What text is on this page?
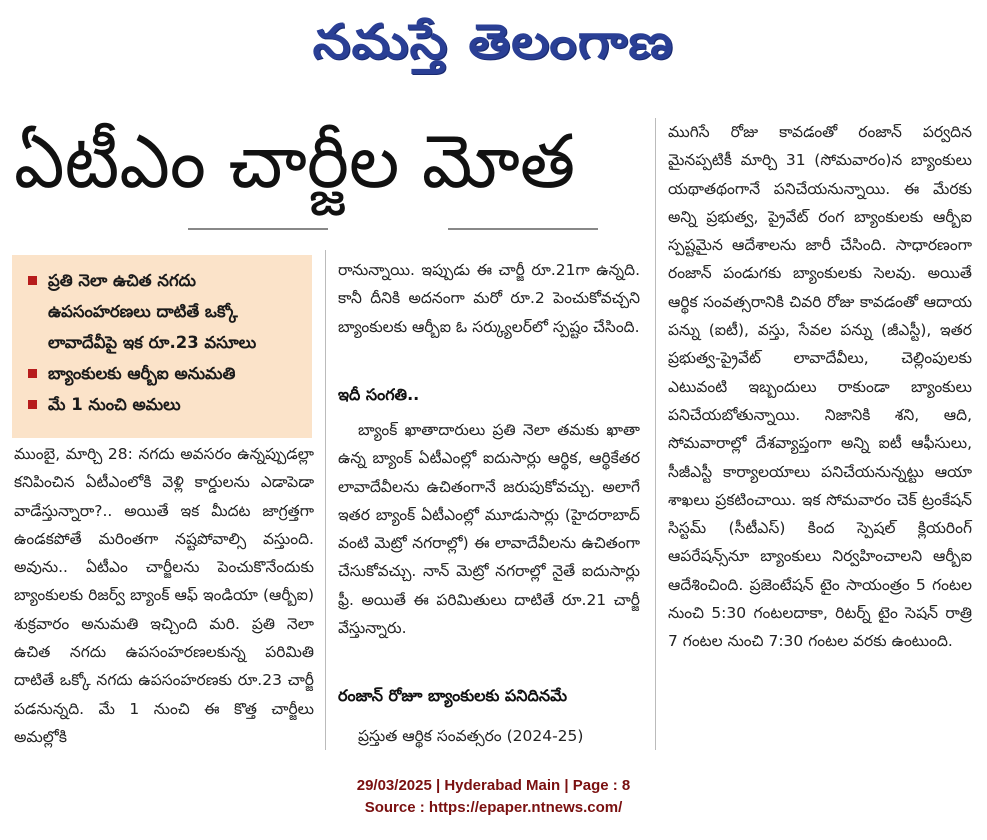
నమస్తే తెలంగాణ
ఏటీఎం చార్జీల మోత
ప్రతి నెలా ఉచిత నగదు ఉపసంహరణలు దాటితే ఒక్కో లావాదేవీపై ఇక రూ.23 వసూలు
బ్యాంకులకు ఆర్బీఐ అనుమతి
మే 1 నుంచి అమలు

ముంబై, మార్చి 28: నగదు అవసరం ఉన్నప్పుడల్లా కనిపించిన ఏటీఎంలోకి వెళ్లి కార్డులను ఎడాపెడా వాడేస్తున్నారా?.. అయితే ఇక మీదట జాగ్రత్తగా ఉండకపోతే మరింతగా నష్టపోవాల్సి వస్తుంది. అవును.. ఏటీఎం చార్జీలను పెంచుకొనేందుకు బ్యాంకులకు రిజర్వ్ బ్యాంక్ ఆఫ్ ఇండియా (ఆర్బీఐ) శుక్రవారం అనుమతి ఇచ్చింది మరి. ప్రతి నెలా ఉచిత నగదు ఉపసంహరణలకున్న పరిమితి దాటితే ఒక్కో నగదు ఉపసంహరణకు రూ.23 చార్జీ పడనున్నది. మే 1 నుంచి ఈ కొత్త చార్జీలు అమల్లోకి

రానున్నాయి. ఇప్పుడు ఈ చార్జీ రూ.21గా ఉన్నది. కానీ దీనికి అదనంగా మరో రూ.2 పెంచుకోవచ్చని బ్యాంకులకు ఆర్బీఐ ఓ సర్క్యులర్‌లో స్పష్టం చేసింది.

ఇదీ సంగతి..

బ్యాంక్ ఖాతాదారులు ప్రతి నెలా తమకు ఖాతా ఉన్న బ్యాంక్ ఏటీఎంల్లో ఐదుసార్లు ఆర్థిక, ఆర్థికేతర లావాదేవీలను ఉచితంగానే జరుపుకోవచ్చు. అలాగే ఇతర బ్యాంక్ ఏటీఎంల్లో మూడుసార్లు (హైదరాబాద్ వంటి మెట్రో నగరాల్లో) ఈ లావాదేవీలను ఉచితంగా చేసుకోవచ్చు. నాన్ మెట్రో నగరాల్లో నైతే ఐదుసార్లు ఫ్రీ. అయితే ఈ పరిమితులు దాటితే రూ.21 చార్జీ వేస్తున్నారు.

రంజాన్ రోజూ బ్యాంకులకు పనిదినమే

ప్రస్తుత ఆర్థిక సంవత్సరం (2024-25)

ముగిసే రోజు కావడంతో రంజాన్ పర్వదిన మైనప్పటికీ మార్చి 31 (సోమవారం)న బ్యాంకులు యథాతథంగానే పనిచేయనున్నాయి. ఈ మేరకు అన్ని ప్రభుత్వ, ప్రైవేట్ రంగ బ్యాంకులకు ఆర్బీఐ స్పష్టమైన ఆదేశాలను జారీ చేసింది. సాధారణంగా రంజాన్ పండుగకు బ్యాంకులకు సెలవు. అయితే ఆర్థిక సంవత్సరానికి చివరి రోజు కావడంతో ఆదాయ పన్ను (ఐటీ), వస్తు, సేవల పన్ను (జీఎస్టీ), ఇతర ప్రభుత్వ-ప్రైవేట్ లావాదేవీలు, చెల్లింపులకు ఎటువంటి ఇబ్బందులు రాకుండా బ్యాంకులు పనిచేయబోతున్నాయి. నిజానికి శని, ఆది, సోమవారాల్లో దేశవ్యాప్తంగా అన్ని ఐటీ ఆఫీసులు, సీజీఎస్టీ కార్యాలయాలు పనిచేయనున్నట్టు ఆయా శాఖలు ప్రకటించాయి. ఇక సోమవారం చెక్ ట్రంకేషన్ సిస్టమ్ (సీటీఎస్) కింద స్పెషల్ క్లియరింగ్ ఆపరేషన్స్‌నూ బ్యాంకులు నిర్వహించాలని ఆర్బీఐ ఆదేశించింది. ప్రజెంటేషన్ టైం సాయంత్రం 5 గంటల నుంచి 5:30 గంటలదాకా, రిటర్న్ టైం సెషన్ రాత్రి 7 గంటల నుంచి 7:30 గంటల వరకు ఉంటుంది.

29/03/2025 | Hyderabad Main | Page : 8
Source : https://epaper.ntnews.com/
